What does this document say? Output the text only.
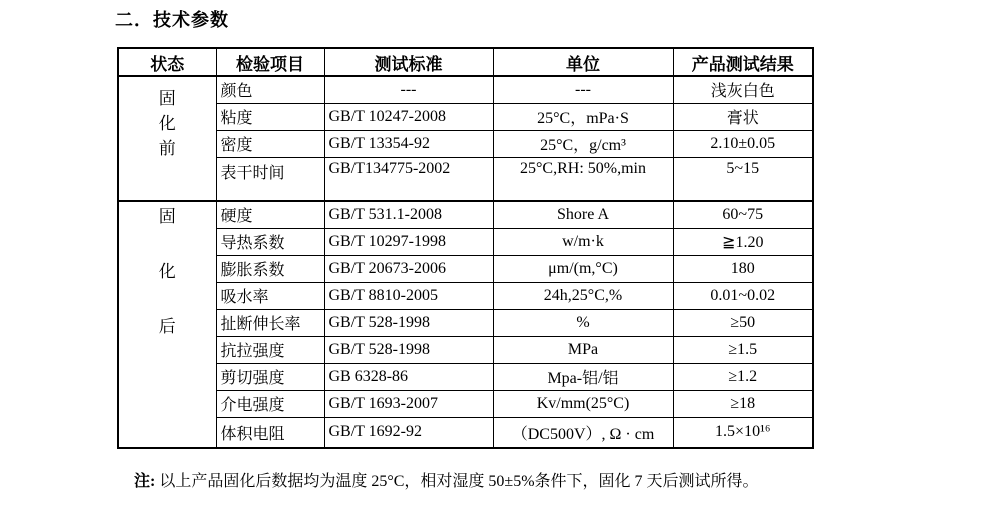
二．技术参数
状态	检验项目	测试标准	单位	产品测试结果

固
化
前	颜色	---	---	浅灰白色
	粘度	GB/T 10247-2008	25°C，mPa·S	膏状
	密度	GB/T 13354-92	25°C，g/cm³	2.10±0.05
	表干时间	GB/T134775-2002	25°C,RH: 50%,min	5~15

固
化
后	硬度	GB/T 531.1-2008	Shore A	60~75
	导热系数	GB/T 10297-1998	w/m·k	≧1.20
	膨胀系数	GB/T 20673-2006	μm/(m,°C)	180
	吸水率	GB/T 8810-2005	24h,25°C,%	0.01~0.02
	扯断伸长率	GB/T 528-1998	%	≥50
	抗拉强度	GB/T 528-1998	MPa	≥1.5
	剪切强度	GB 6328-86	Mpa-铝/铝	≥1.2
	介电强度	GB/T 1693-2007	Kv/mm(25°C)	≥18
	体积电阻	GB/T 1692-92	（DC500V）, Ω · cm	1.5×10¹⁶
注: 以上产品固化后数据均为温度 25°C，相对湿度 50±5%条件下，固化 7 天后测试所得。
